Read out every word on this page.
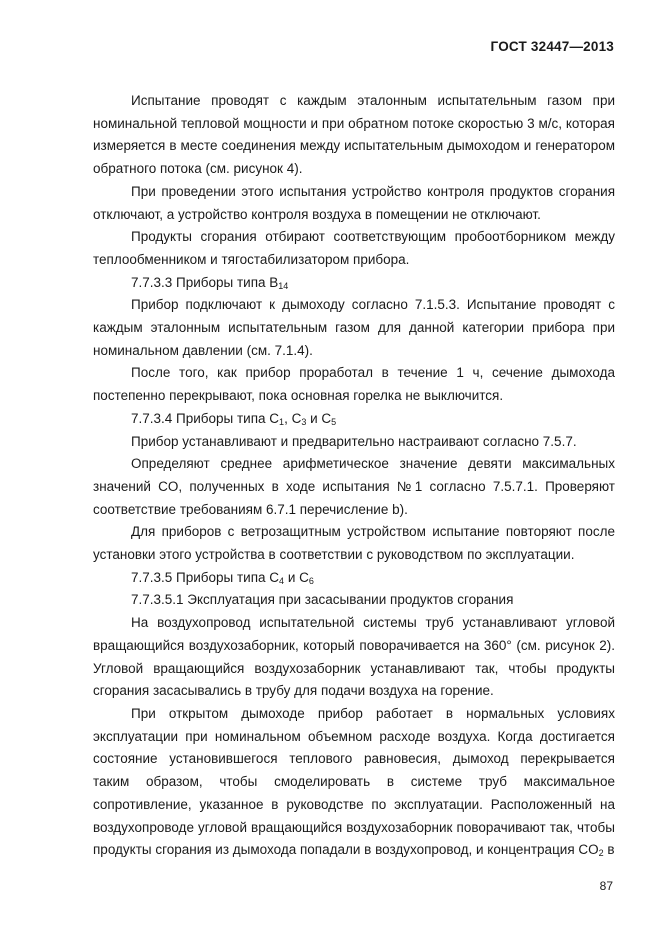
ГОСТ 32447—2013

Испытание проводят с каждым эталонным испытательным газом при номинальной тепловой мощности и при обратном потоке скоростью 3 м/с, которая измеряется в месте соединения между испытательным дымоходом и генератором обратного потока (см. рисунок 4).

При проведении этого испытания устройство контроля продуктов сгорания отключают, а устройство контроля воздуха в помещении не отключают.

Продукты сгорания отбирают соответствующим пробоотборником между теплообменником и тягостабилизатором прибора.

7.7.3.3 Приборы типа $B_{14}$

Прибор подключают к дымоходу согласно 7.1.5.3. Испытание проводят с каждым эталонным испытательным газом для данной категории прибора при номинальном давлении (см. 7.1.4).

После того, как прибор проработал в течение 1 ч, сечение дымохода постепенно перекрывают, пока основная горелка не выключится.

7.7.3.4 Приборы типа $C_1$, $C_3$ и $C_5$

Прибор устанавливают и предварительно настраивают согласно 7.5.7.

Определяют среднее арифметическое значение девяти максимальных значений CO, полученных в ходе испытания №1 согласно 7.5.7.1. Проверяют соответствие требованиям 6.7.1 перечисление b).

Для приборов с ветрозащитным устройством испытание повторяют после установки этого устройства в соответствии с руководством по эксплуатации.

7.7.3.5 Приборы типа $C_4$ и $C_6$

7.7.3.5.1 Эксплуатация при засасывании продуктов сгорания

На воздухопровод испытательной системы труб устанавливают угловой вращающийся воздухозаборник, который поворачивается на 360° (см. рисунок 2). Угловой вращающийся воздухозаборник устанавливают так, чтобы продукты сгорания засасывались в трубу для подачи воздуха на горение.

При открытом дымоходе прибор работает в нормальных условиях эксплуатации при номинальном объемном расходе воздуха. Когда достигается состояние установившегося теплового равновесия, дымоход перекрывается таким образом, чтобы смоделировать в системе труб максимальное сопротивление, указанное в руководстве по эксплуатации. Расположенный на воздухопроводе угловой вращающийся воздухозаборник поворачивают так, чтобы продукты сгорания из дымохода попадали в воздухопровод, и концентрация $CO_2$ в

87
